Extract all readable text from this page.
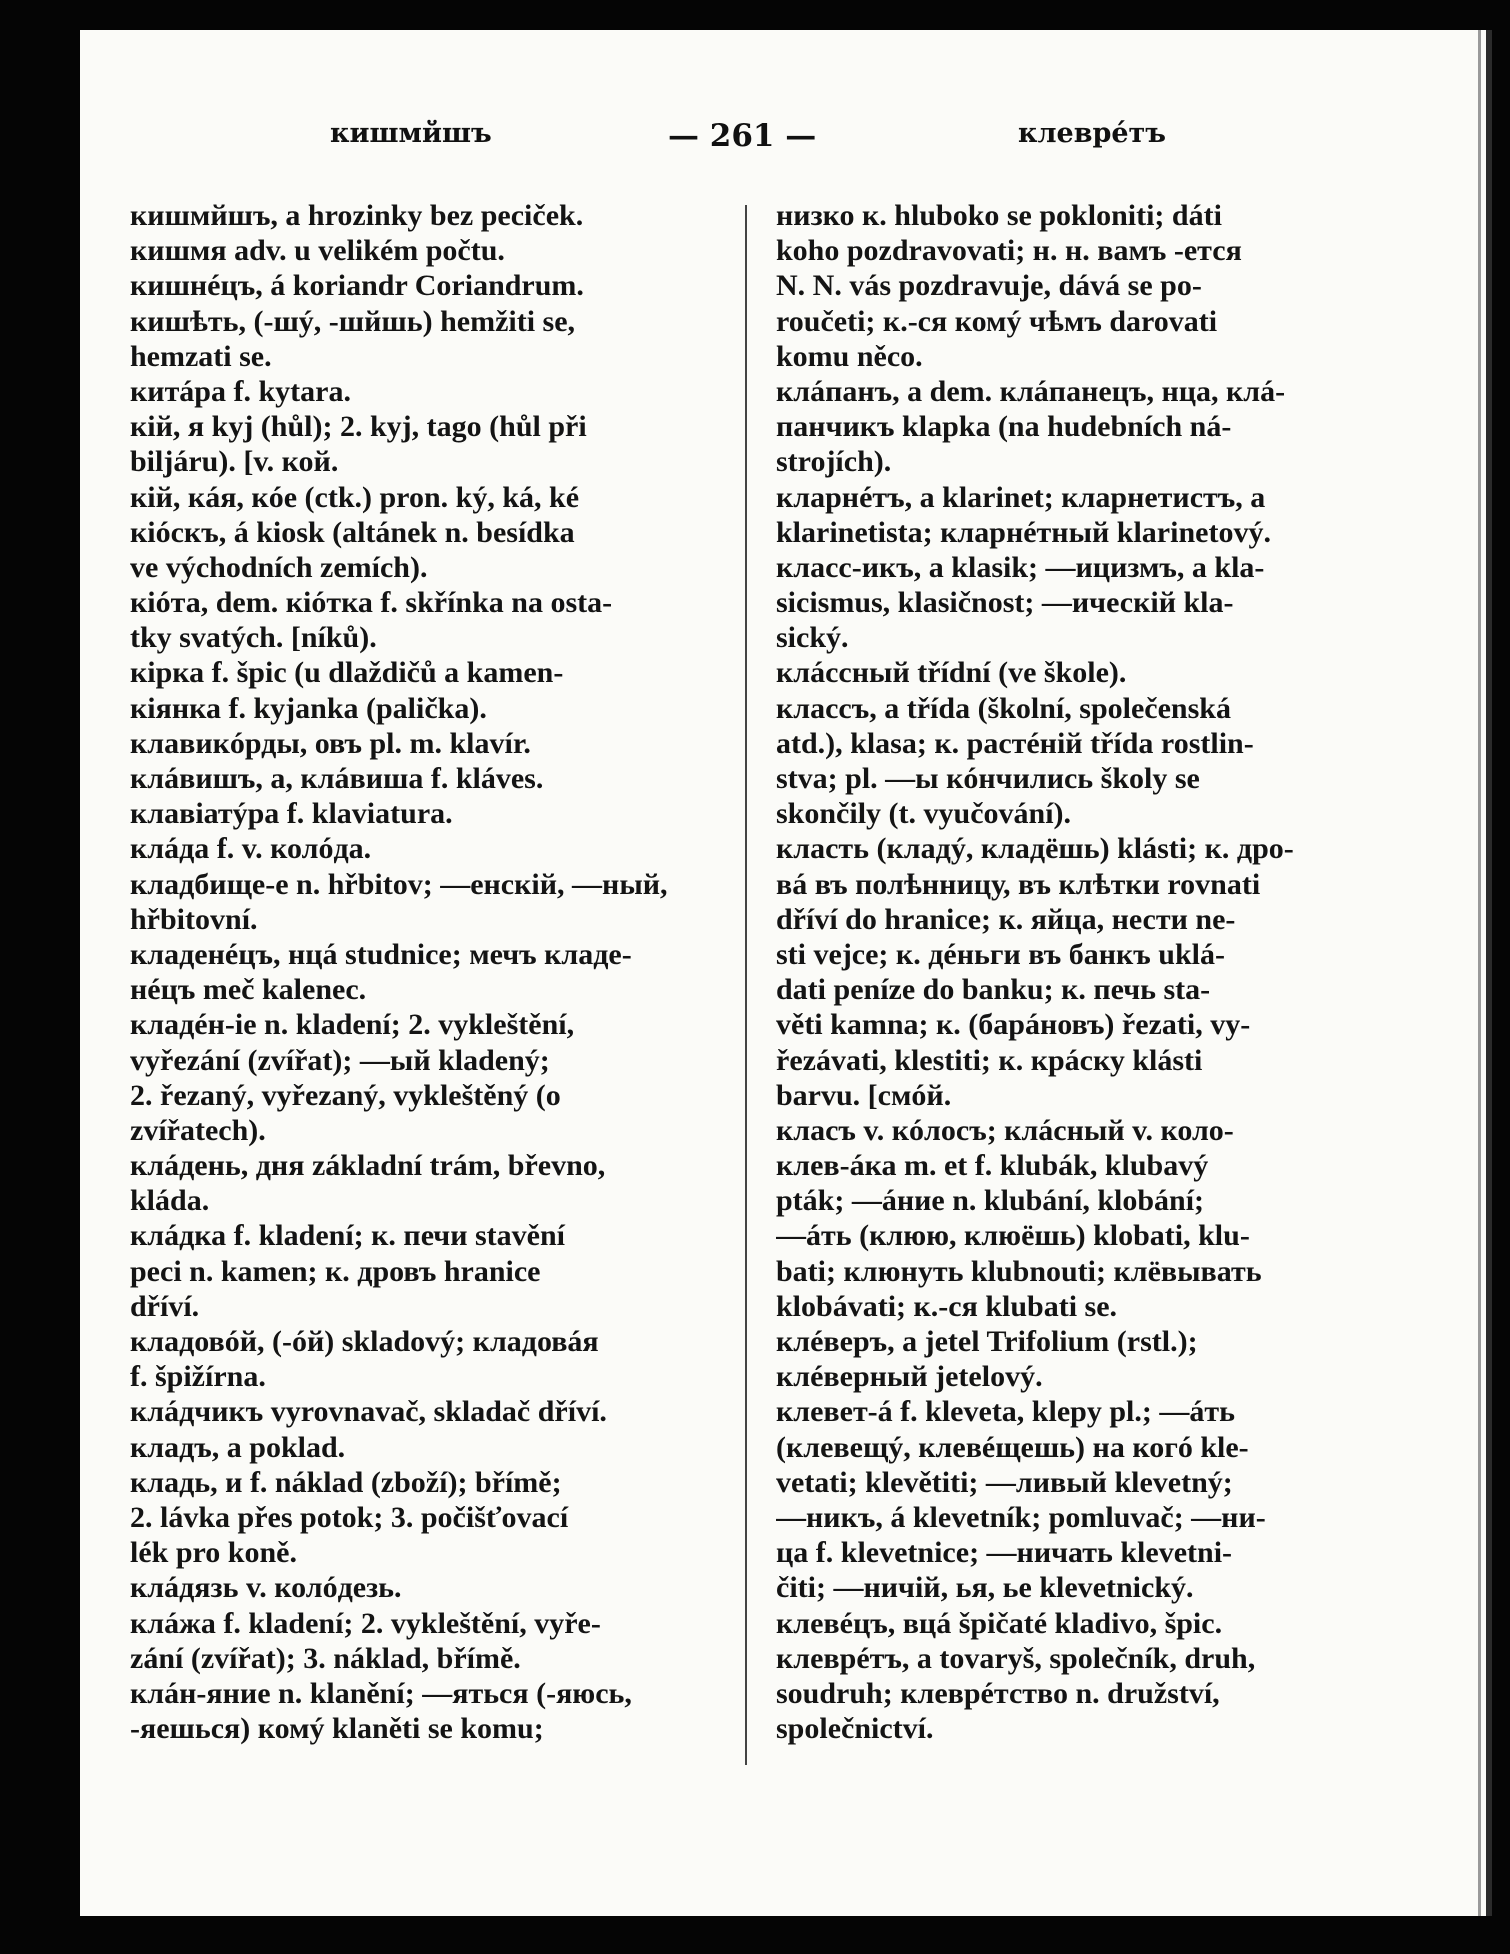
кишмйшъ	— 261 —	клеврéтъ
кишмйшъ, а hrozinky bez peciček.
кишмя adv. u velikém počtu.
кишнéцъ, á koriandr Coriandrum.
кишѣть, (-шý, -шйшь) hemžiti se,
hemzati se.
китáра f. kytara.
кiй, я kyj (hůl); 2. kyj, tago (hůl při
biljáru). [v. кой.
кiй, кáя, кóе (ctk.) pron. ký, ká, ké
кióскъ, á kiosk (altánek n. besídka
ve východních zemích).
кióта, dem. кióтка f. skřínka na osta-
tky svatých. [níků).
кiрка f. špic (u dlaždičů a kamen-
кiянка f. kyjanka (palička).
клавикóрды, овъ pl. m. klavír.
клáвишъ, а, клáвиша f. kláves.
клавiатýра f. klaviatura.
клáда f. v. колóда.
кладбище-е n. hřbitov; —енскiй, —ный,
hřbitovní.
кладенéцъ, нцá studnice; мечъ кладе-
нéцъ meč kalenec.
кладéн-ie n. kladení; 2. vykleštění,
vyřezání (zvířat); —ый kladený;
2. řezaný, vyřezaný, vykleštěný (o
zvířatech).
клáдень, дня základní trám, břevno,
kláda.
клáдка f. kladení; к. печи stavění
peci n. kamen; к. дровъ hranice
dříví.
кладовóй, (-óй) skladový; кладовáя
f. špižírna.
клáдчикъ vyrovnavač, skladač dříví.
кладъ, а poklad.
кладь, и f. náklad (zboží); břímě;
2. lávka přes potok; 3. počišťovací
lék pro koně.
клáдязь v. колóдезь.
клáжа f. kladení; 2. vykleštění, vyře-
zání (zvířat); 3. náklad, břímě.
клáн-яние n. klanění; —яться (-яюсь,
-яешься) комý klaněti se komu;
низко к. hluboko se pokloniti; dáti
koho pozdravovati; н. н. вамъ -ется
N. N. vás pozdravuje, dává se po-
roučeti; к.-ся комý чѣмъ darovati
komu něco.
клáпанъ, а dem. клáпанецъ, нца, клá-
панчикъ klapka (na hudebních ná-
strojích).
кларнéтъ, а klarinet; кларнетистъ, а
klarinetista; кларнéтный klarinetový.
класс-икъ, а klasik; —ицизмъ, а kla-
sicismus, klasičnost; —ическiй kla-
sický.
клáссный třídní (ve škole).
классъ, а třída (školní, společenská
atd.), klasa; к. растéнiй třída rostlin-
stva; pl. —ы кóнчились školy se
skončily (t. vyučování).
класть (кладý, кладёшь) klásti; к. дро-
вá въ полѣнницу, въ клѣтки rovnati
dříví do hranice; к. яйца, нести ne-
sti vejce; к. дéньги въ банкъ uklá-
dati peníze do banku; к. печь sta-
věti kamna; к. (барáновъ) řezati, vy-
řezávati, klestiti; к. крáску klásti
barvu. [смóй.
класъ v. кóлосъ; клáсный v. коло-
клев-áка m. et f. klubák, klubavý
pták; —áние n. klubání, klobání;
—áть (клюю, клюёшь) klobati, klu-
bati; клюнуть klubnouti; клёвывать
klobávati; к.-ся klubati se.
клéверъ, а jetel Trifolium (rstl.);
клéверный jetelový.
клевет-á f. kleveta, klepy pl.; —áть
(клевещý, клевéщешь) на когó kle-
vetati; klevětiti; —ливый klevetný;
—никъ, á klevetník; pomluvač; —ни-
ца f. klevetnice; —ничать klevetni-
čiti; —ничiй, ья, ье klevetnický.
клевéцъ, вцá špičaté kladivo, špic.
клеврéтъ, а tovaryš, společník, druh,
soudruh; клеврéтство n. družství,
společnictví.
